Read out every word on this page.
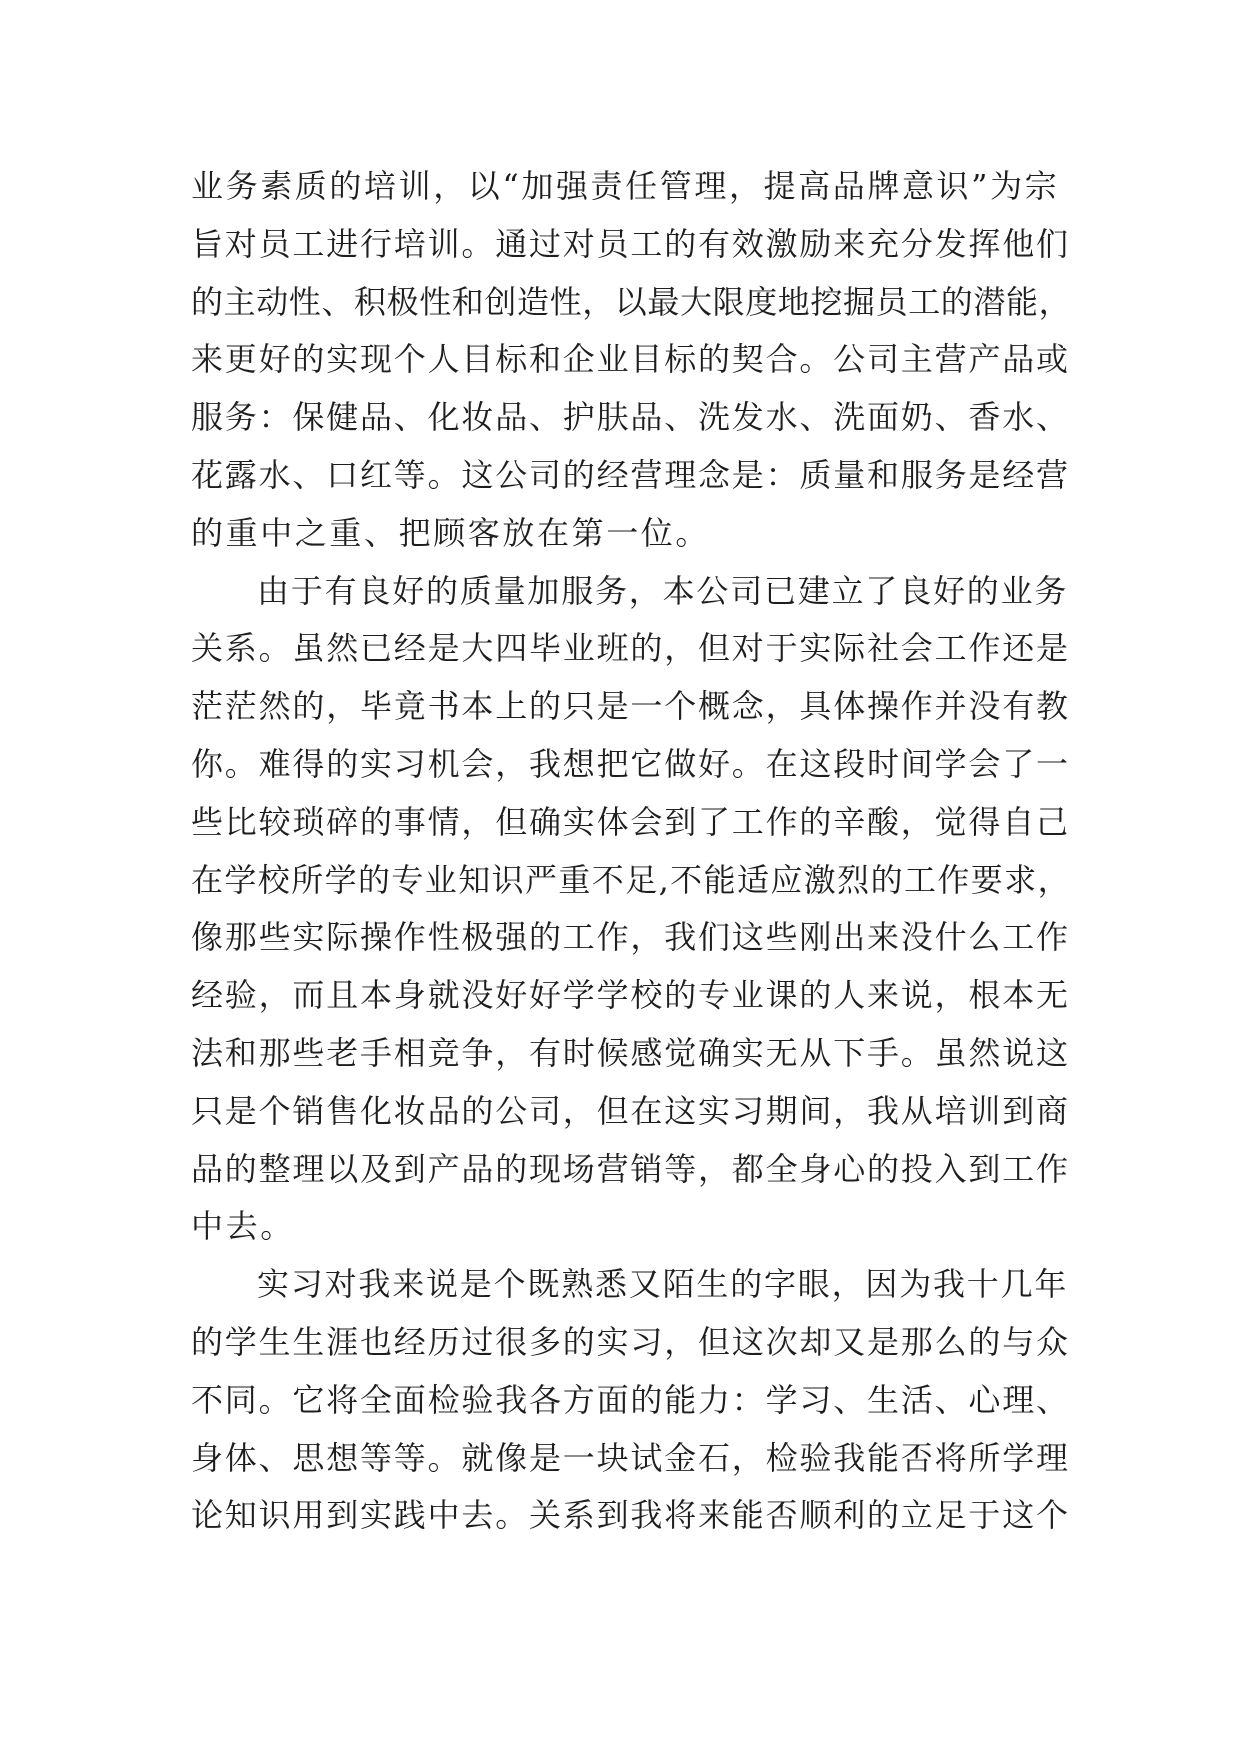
业务素质的培训，以“加强责任管理，提高品牌意识”为宗
旨对员工进行培训。通过对员工的有效激励来充分发挥他们
的主动性、积极性和创造性，以最大限度地挖掘员工的潜能，
来更好的实现个人目标和企业目标的契合。公司主营产品或
服务：保健品、化妆品、护肤品、洗发水、洗面奶、香水、
花露水、口红等。这公司的经营理念是：质量和服务是经营
的重中之重、把顾客放在第一位。
由于有良好的质量加服务，本公司已建立了良好的业务
关系。虽然已经是大四毕业班的，但对于实际社会工作还是
茫茫然的，毕竟书本上的只是一个概念，具体操作并没有教
你。难得的实习机会，我想把它做好。在这段时间学会了一
些比较琐碎的事情，但确实体会到了工作的辛酸，觉得自己
在学校所学的专业知识严重不足,不能适应激烈的工作要求，
像那些实际操作性极强的工作，我们这些刚出来没什么工作
经验，而且本身就没好好学学校的专业课的人来说，根本无
法和那些老手相竞争，有时候感觉确实无从下手。虽然说这
只是个销售化妆品的公司，但在这实习期间，我从培训到商
品的整理以及到产品的现场营销等，都全身心的投入到工作
中去。
实习对我来说是个既熟悉又陌生的字眼，因为我十几年
的学生生涯也经历过很多的实习，但这次却又是那么的与众
不同。它将全面检验我各方面的能力：学习、生活、心理、
身体、思想等等。就像是一块试金石，检验我能否将所学理
论知识用到实践中去。关系到我将来能否顺利的立足于这个
